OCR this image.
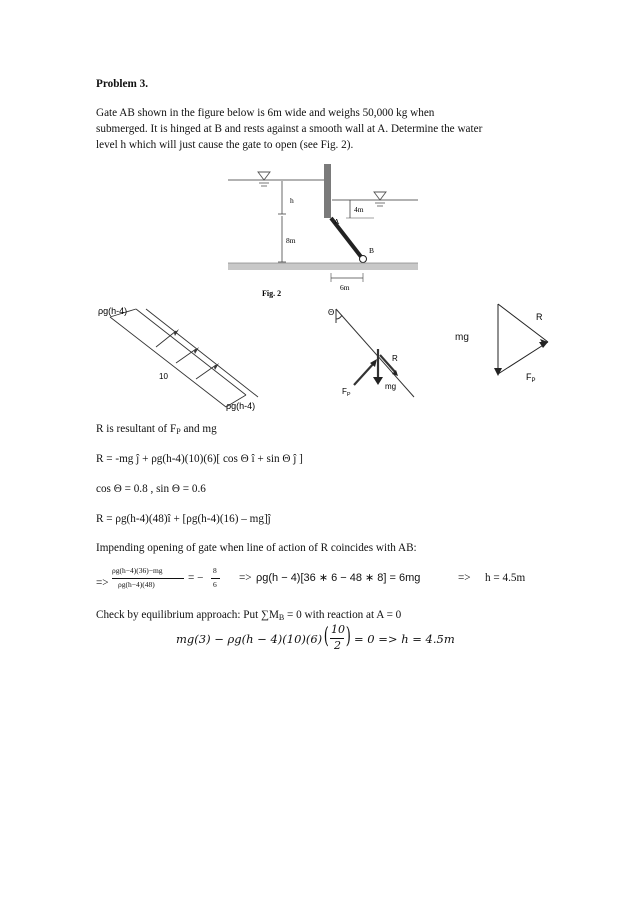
Problem 3.
Gate AB shown in the figure below is 6m wide and weighs 50,000 kg when
submerged. It is hinged at B and rests against a smooth wall at A. Determine the water
level h which will just cause the gate to open (see Fig. 2).
h
8m
4m
A
B
6m
Fig. 2
ρg(h-4)
ρg(h-4)
10
Θ
R
mg
$F_P$
mg
R
$F_P$
R is resultant of $F_P$ and mg
R = -mg ĵ + ρg(h-4)(10)(6)[ cos Θ î + sin Θ ĵ ]
cos Θ = 0.8 , sin Θ = 0.6
R = ρg(h-4)(48)î + [ρg(h-4)(16) – mg]ĵ
Impending opening of gate when line of action of R coincides with AB:
=>
ρg(h−4)(36)−mg
ρg(h−4)(48)
= −
8
6
=> ρg(h − 4)[36 ∗ 6 − 48 ∗ 8] = 6mg	=> h = 4.5m
Check by equilibrium approach: Put $\sum M_B = 0$ with reaction at A = 0
mg(3) − ρg(h − 4)(10)(6) ( 10
2 ) = 0 => h = 4.5m
